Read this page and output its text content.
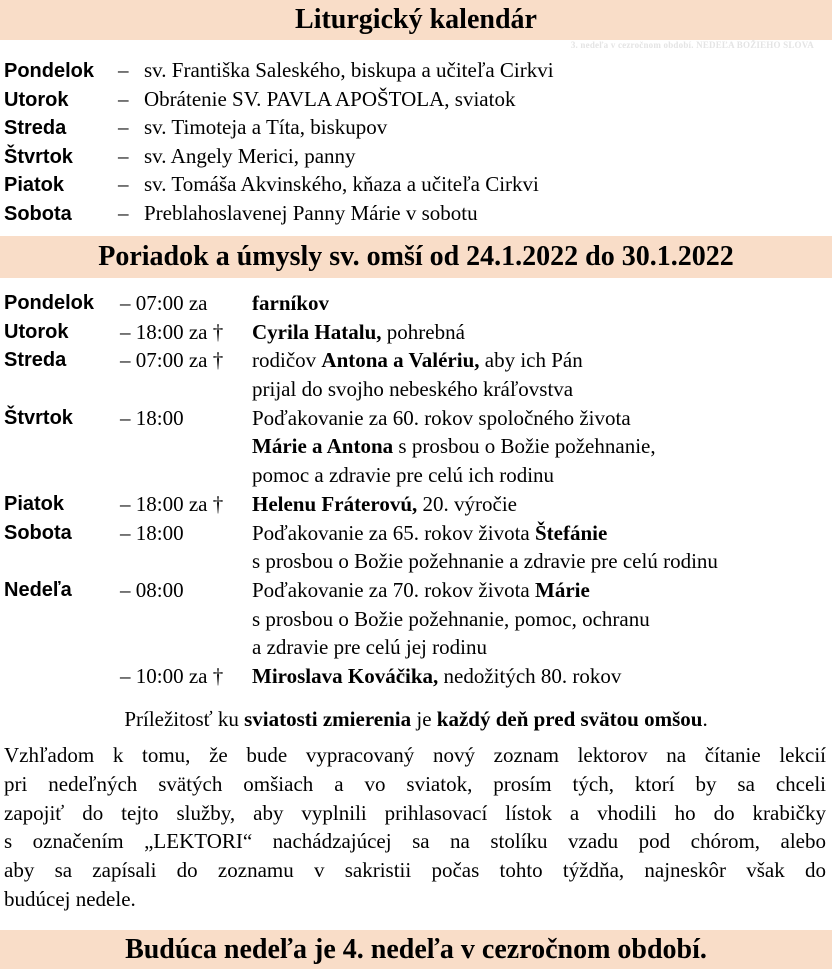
Liturgický kalendár
3. nedeľa v cezročnom období. NEDEĽA BOŽIEHO SLOVA
Pondelok – sv. Františka Saleského, biskupa a učiteľa Cirkvi
Utorok – Obrátenie SV. PAVLA APOŠTOLA, sviatok
Streda – sv. Timoteja a Títa, biskupov
Štvrtok – sv. Angely Merici, panny
Piatok	– sv. Tomáša Akvinského, kňaza a učiteľa Cirkvi
Sobota – Preblahoslavenej Panny Márie v sobotu
Poriadok a úmysly sv. omší od 24.1.2022 do 30.1.2022
Pondelok – 07:00 za farníkov
Utorok – 18:00 za † Cyrila Hatalu, pohrebná
Streda	– 07:00 za † rodičov Antona a Valériu, aby ich Pán
prijal do svojho nebeského kráľovstva
Štvrtok – 18:00	Poďakovanie za 60. rokov spoločného života
Márie a Antona s prosbou o Božie požehnanie,
pomoc a zdravie pre celú ich rodinu
Piatok	– 18:00 za † Helenu Fráterovú, 20. výročie
Sobota – 18:00	Poďakovanie za 65. rokov života Štefánie
s prosbou o Božie požehnanie a zdravie pre celú rodinu
Nedeľa – 08:00	Poďakovanie za 70. rokov života Márie
s prosbou o Božie požehnanie, pomoc, ochranu
a zdravie pre celú jej rodinu
– 10:00 za † Miroslava Kováčika, nedožitých 80. rokov
Príležitosť ku sviatosti zmierenia je každý deň pred svätou omšou.
Vzhľadom k tomu, že bude vypracovaný nový zoznam lektorov na čítanie lekcií
pri nedeľných svätých omšiach a vo sviatok, prosím tých, ktorí by sa chceli
zapojiť do tejto služby, aby vyplnili prihlasovací lístok a vhodili ho do krabičky
s označením „LEKTORI“ nachádzajúcej sa na stolíku vzadu pod chórom, alebo
aby sa zapísali do zoznamu v sakristii počas tohto týždňa, najneskôr však do
budúcej nedele.
Budúca nedeľa je 4. nedeľa v cezročnom období.
